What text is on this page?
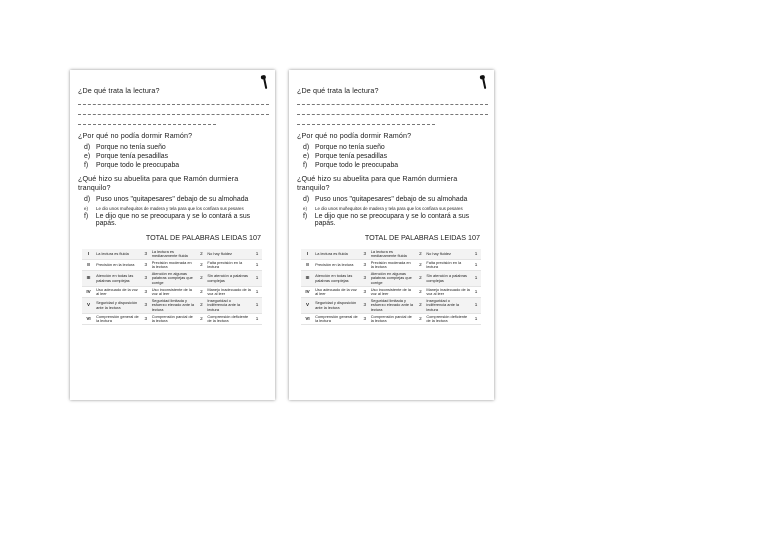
¿De qué trata la lectura?
¿Por qué no podía dormir Ramón?
d) Porque no tenía sueño
e) Porque tenía pesadillas
f)	Porque todo le preocupaba
¿Qué hizo su abuelita para que Ramón durmiera tranquilo?
d) Puso unos "quitapesares" debajo de su almohada
e)	Le dio unos muñequitos de madera y tela para que los confiara sus pesares
f)	Le dijo que no se preocupara y se lo contará a sus papás.
TOTAL DE PALABRAS LEIDAS 107
I	La lectura es fluida	3	La lectura es medianamente fluida	2	No hay fluidez	1
II	Precisión en la lectura	3	Precisión moderada en la lectura	2	Falta precisión en la lectura	1
III	Atención en todas las palabras complejas	3	Atención en algunas palabras complejas que corrige	2	Sin atención a palabras complejas	1
IV	Uso adecuado de la voz al leer	3	Uso inconsistente de la voz al leer	2	Manejo inadecuado de la voz al leer	1
V	Seguridad y disposición ante la lectura	3	Seguridad limitada y esfuerzo elevado ante la lectura	2	Inseguridad o indiferencia ante la lectura	1
VI	Comprensión general de la lectura	3	Comprensión parcial de la lectura	2	Comprensión deficiente de la lectura	1
¿De qué trata la lectura?
¿Por qué no podía dormir Ramón?
d) Porque no tenía sueño
e) Porque tenía pesadillas
f)	Porque todo le preocupaba
¿Qué hizo su abuelita para que Ramón durmiera tranquilo?
d) Puso unos "quitapesares" debajo de su almohada
e)	Le dio unos muñequitos de madera y tela para que los confiara sus pesares
f)	Le dijo que no se preocupara y se lo contará a sus papás.
TOTAL DE PALABRAS LEIDAS 107
I	La lectura es fluida	3	La lectura es medianamente fluida	2	No hay fluidez	1
II	Precisión en la lectura	3	Precisión moderada en la lectura	2	Falta precisión en la lectura	1
III	Atención en todas las palabras complejas	3	Atención en algunas palabras complejas que corrige	2	Sin atención a palabras complejas	1
IV	Uso adecuado de la voz al leer	3	Uso inconsistente de la voz al leer	2	Manejo inadecuado de la voz al leer	1
V	Seguridad y disposición ante la lectura	3	Seguridad limitada y esfuerzo elevado ante la lectura	2	Inseguridad o indiferencia ante la lectura	1
VI	Comprensión general de la lectura	3	Comprensión parcial de la lectura	2	Comprensión deficiente de la lectura	1
